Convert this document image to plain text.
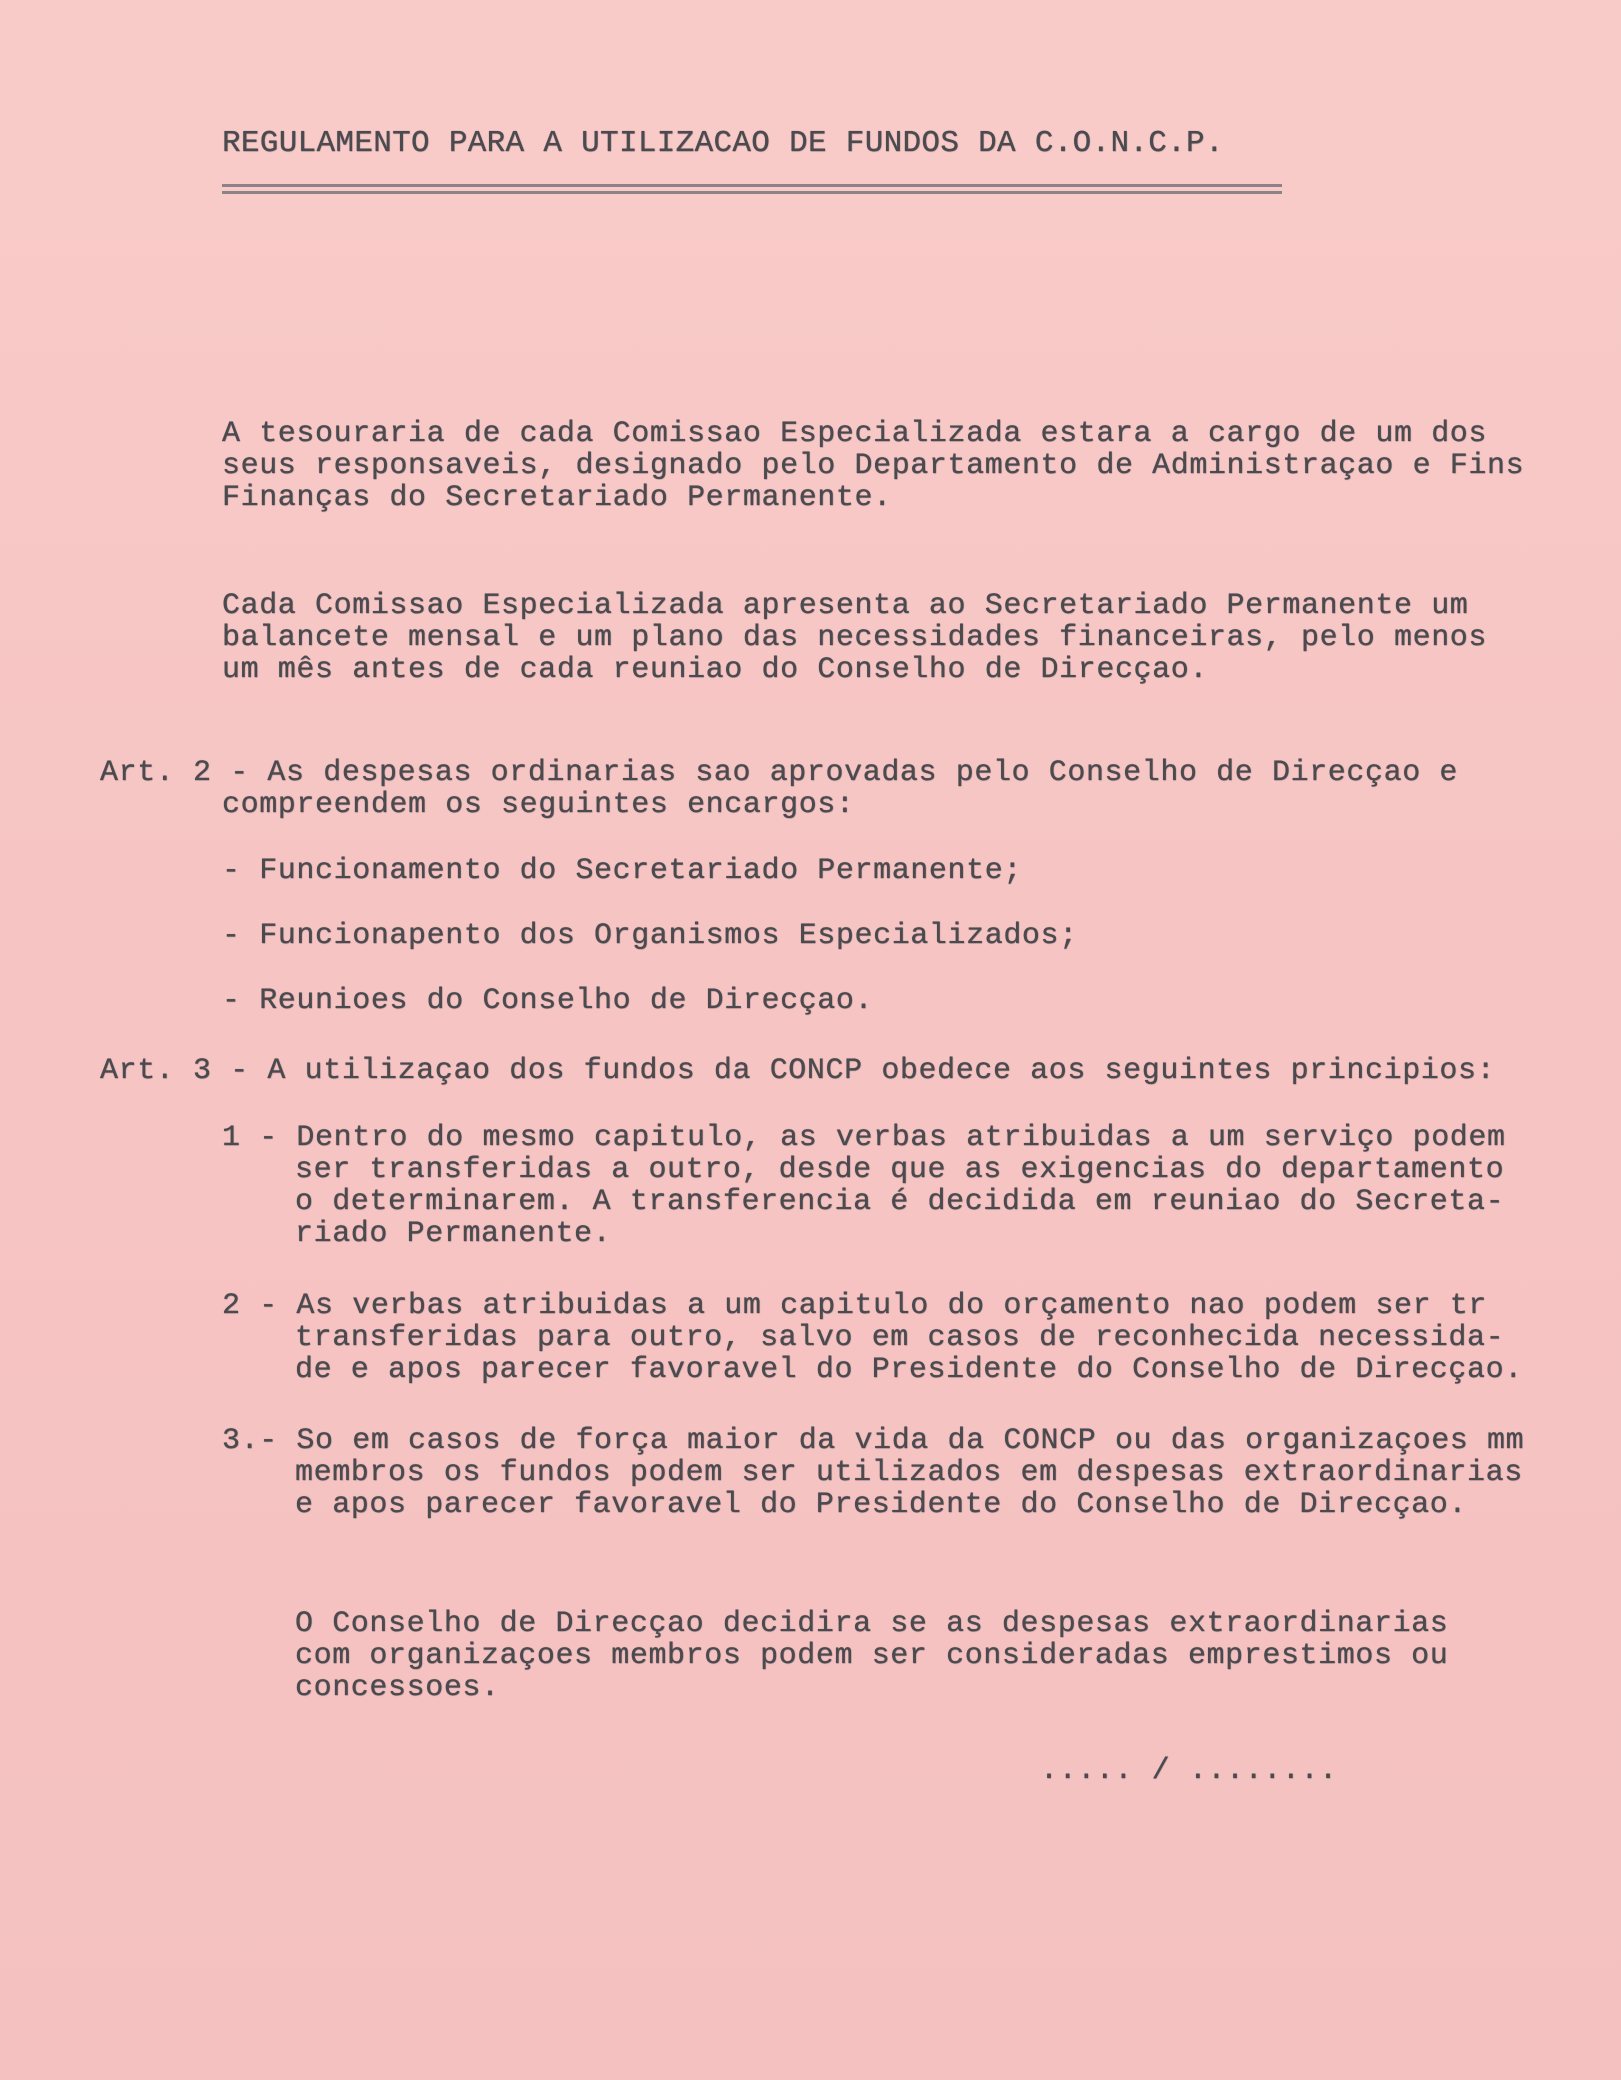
REGULAMENTO PARA A UTILIZACAO DE FUNDOS DA C.O.N.C.P.
A tesouraria de cada Comissao Especializada estara a cargo de um dos
seus responsaveis, designado pelo Departamento de Administraçao e Fins
Finanças do Secretariado Permanente.
Cada Comissao Especializada apresenta ao Secretariado Permanente um
balancete mensal e um plano das necessidades financeiras, pelo menos
um mês antes de cada reuniao do Conselho de Direcçao.
Art. 2 - As despesas ordinarias sao aprovadas pelo Conselho de Direcçao e
compreendem os seguintes encargos:
- Funcionamento do Secretariado Permanente;
- Funcionapento dos Organismos Especializados;
- Reunioes do Conselho de Direcçao.
Art. 3 - A utilizaçao dos fundos da CONCP obedece aos seguintes principios:
1 - Dentro do mesmo capitulo, as verbas atribuidas a um serviço podem
ser transferidas a outro, desde que as exigencias do departamento
o determinarem. A transferencia é decidida em reuniao do Secreta-
riado Permanente.
2 - As verbas atribuidas a um capitulo do orçamento nao podem ser tr
transferidas para outro, salvo em casos de reconhecida necessida-
de e apos parecer favoravel do Presidente do Conselho de Direcçao.
3.- So em casos de força maior da vida da CONCP ou das organizaçoes mm
membros os fundos podem ser utilizados em despesas extraordinarias
e apos parecer favoravel do Presidente do Conselho de Direcçao.
O Conselho de Direcçao decidira se as despesas extraordinarias
com organizaçoes membros podem ser consideradas emprestimos ou
concessoes.
..... / ........
